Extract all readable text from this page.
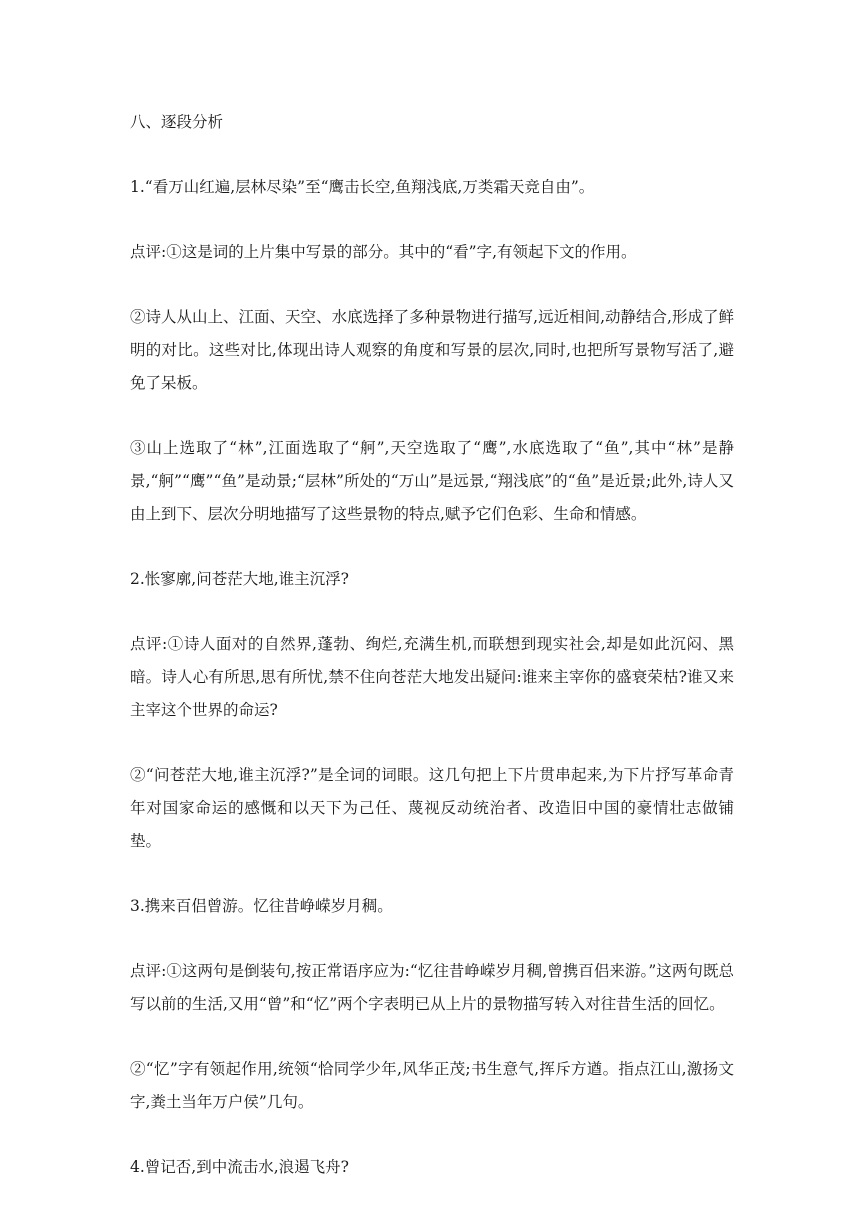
八、逐段分析

1.“看万山红遍,层林尽染”至“鹰击长空,鱼翔浅底,万类霜天竞自由”。

点评:①这是词的上片集中写景的部分。其中的“看”字,有领起下文的作用。

②诗人从山上、江面、天空、水底选择了多种景物进行描写,远近相间,动静结合,形成了鲜明的对比。这些对比,体现出诗人观察的角度和写景的层次,同时,也把所写景物写活了,避免了呆板。

③山上选取了“林”,江面选取了“舸”,天空选取了“鹰”,水底选取了“鱼”,其中“林”是静景,“舸”“鹰”“鱼”是动景;“层林”所处的“万山”是远景,“翔浅底”的“鱼”是近景;此外,诗人又由上到下、层次分明地描写了这些景物的特点,赋予它们色彩、生命和情感。

2.怅寥廓,问苍茫大地,谁主沉浮?

点评:①诗人面对的自然界,蓬勃、绚烂,充满生机,而联想到现实社会,却是如此沉闷、黑暗。诗人心有所思,思有所忧,禁不住向苍茫大地发出疑问:谁来主宰你的盛衰荣枯?谁又来主宰这个世界的命运?

②“问苍茫大地,谁主沉浮?”是全词的词眼。这几句把上下片贯串起来,为下片抒写革命青年对国家命运的感慨和以天下为己任、蔑视反动统治者、改造旧中国的豪情壮志做铺垫。

3.携来百侣曾游。忆往昔峥嵘岁月稠。

点评:①这两句是倒装句,按正常语序应为:“忆往昔峥嵘岁月稠,曾携百侣来游。”这两句既总写以前的生活,又用“曾”和“忆”两个字表明已从上片的景物描写转入对往昔生活的回忆。

②“忆”字有领起作用,统领“恰同学少年,风华正茂;书生意气,挥斥方遒。指点江山,激扬文字,粪土当年万户侯”几句。

4.曾记否,到中流击水,浪遏飞舟?
